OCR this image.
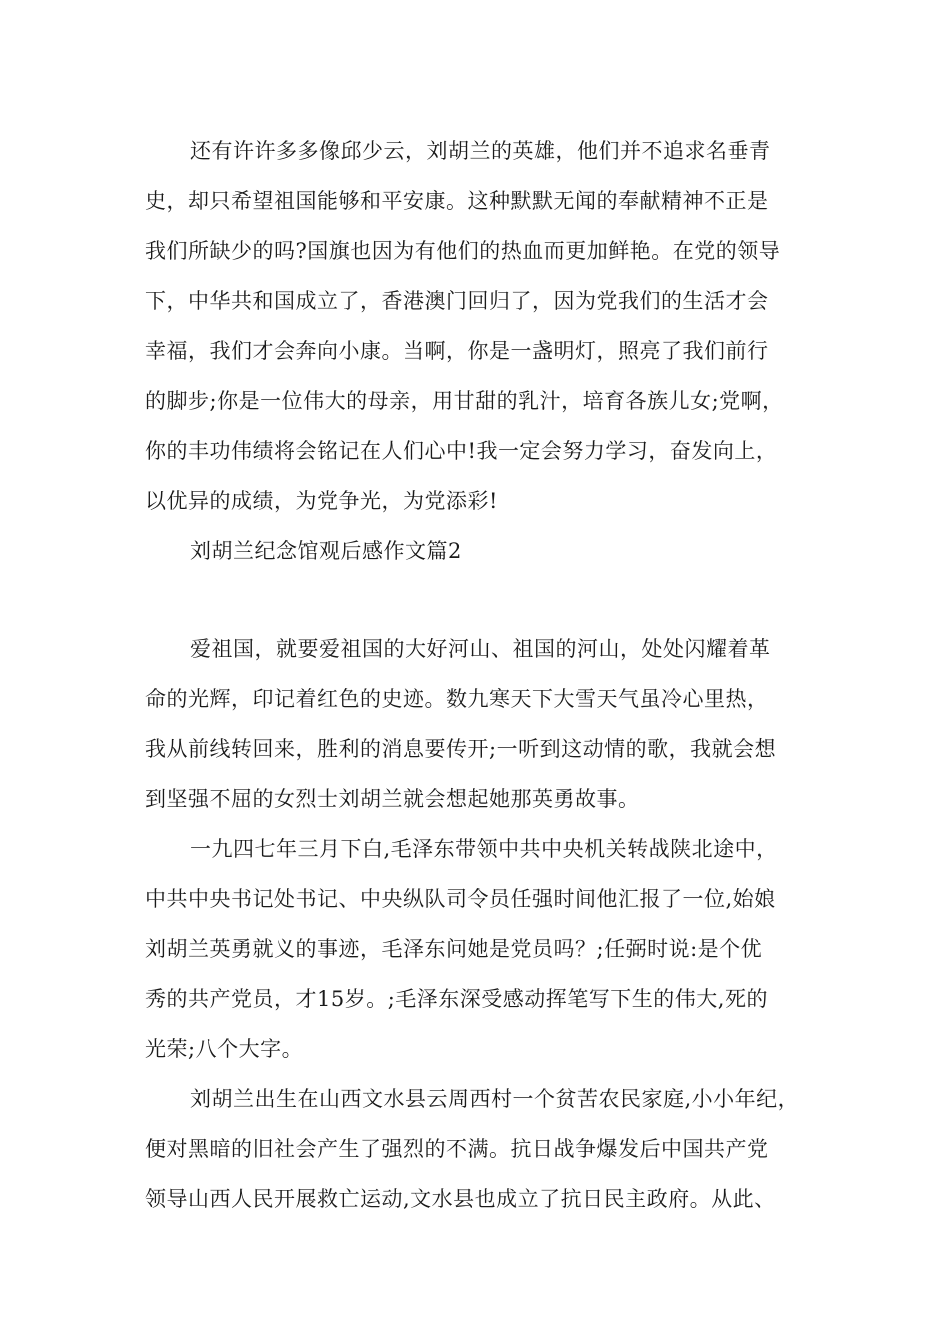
还有许许多多像邱少云，刘胡兰的英雄，他们并不追求名垂青
史，却只希望祖国能够和平安康。这种默默无闻的奉献精神不正是
我们所缺少的吗?国旗也因为有他们的热血而更加鲜艳。在党的领导
下，中华共和国成立了，香港澳门回归了，因为党我们的生活才会
幸福，我们才会奔向小康。当啊，你是一盏明灯，照亮了我们前行
的脚步;你是一位伟大的母亲，用甘甜的乳汁，培育各族儿女;党啊，
你的丰功伟绩将会铭记在人们心中!我一定会努力学习，奋发向上，
以优异的成绩，为党争光，为党添彩!
刘胡兰纪念馆观后感作文篇2
爱祖国，就要爱祖国的大好河山、祖国的河山，处处闪耀着革
命的光辉，印记着红色的史迹。数九寒天下大雪天气虽冷心里热，
我从前线转回来，胜利的消息要传开;一听到这动情的歌，我就会想
到坚强不屈的女烈士刘胡兰就会想起她那英勇故事。
一九四七年三月下白,毛泽东带领中共中央机关转战陕北途中，
中共中央书记处书记、中央纵队司令员任强时间他汇报了一位,始娘
刘胡兰英勇就义的事迹，毛泽东问她是党员吗？;任弼时说:是个优
秀的共产党员，才15岁。;毛泽东深受感动挥笔写下生的伟大,死的
光荣;八个大字。
刘胡兰出生在山西文水县云周西村一个贫苦农民家庭,小小年纪，
便对黑暗的旧社会产生了强烈的不满。抗日战争爆发后中国共产党
领导山西人民开展救亡运动,文水县也成立了抗日民主政府。从此、
